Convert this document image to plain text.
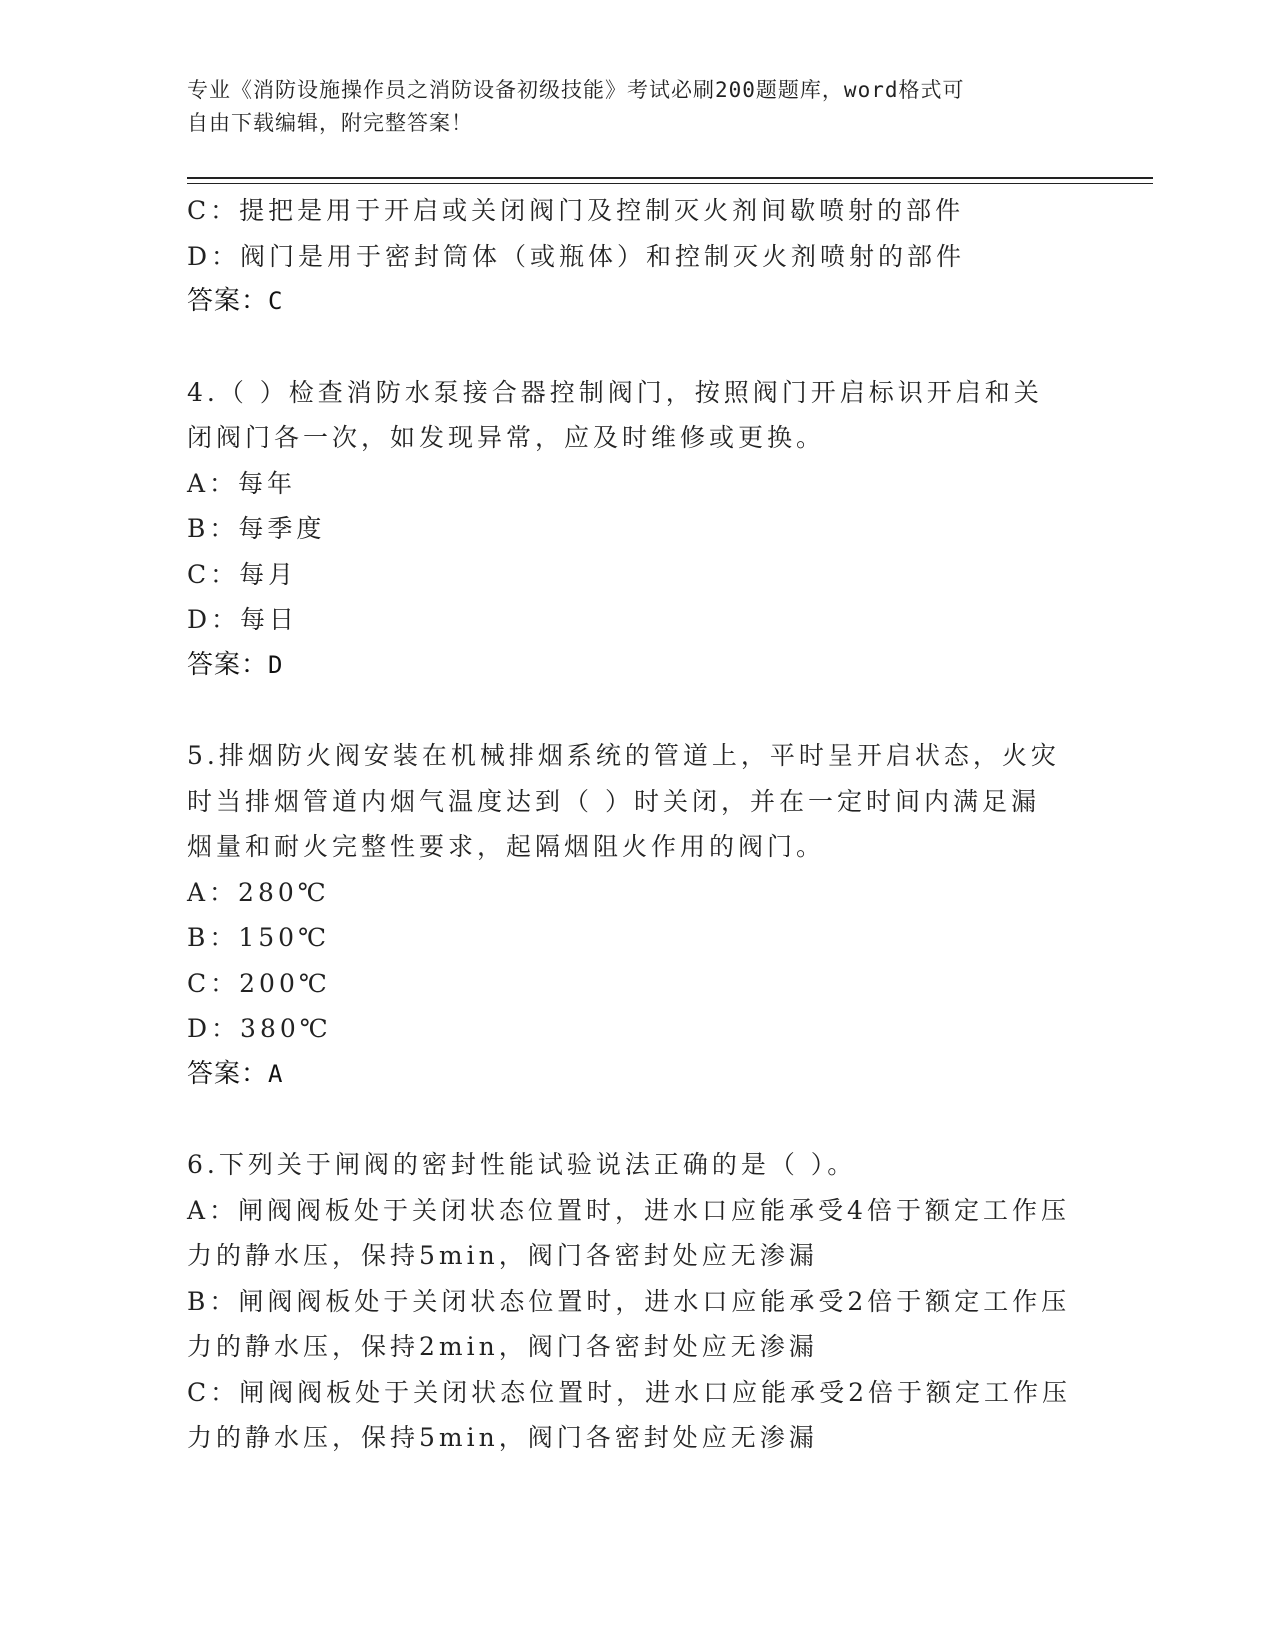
专业《消防设施操作员之消防设备初级技能》考试必刷200题题库，word格式可
自由下载编辑，附完整答案！
C：提把是用于开启或关闭阀门及控制灭火剂间歇喷射的部件
D：阀门是用于密封筒体（或瓶体）和控制灭火剂喷射的部件
答案：C
4.（ ）检查消防水泵接合器控制阀门，按照阀门开启标识开启和关
闭阀门各一次，如发现异常，应及时维修或更换。
A：每年
B：每季度
C：每月
D：每日
答案：D
5.排烟防火阀安装在机械排烟系统的管道上，平时呈开启状态，火灾
时当排烟管道内烟气温度达到（ ）时关闭，并在一定时间内满足漏
烟量和耐火完整性要求，起隔烟阻火作用的阀门。
A：280℃
B：150℃
C：200℃
D：380℃
答案：A
6.下列关于闸阀的密封性能试验说法正确的是（ ）。
A：闸阀阀板处于关闭状态位置时，进水口应能承受4倍于额定工作压
力的静水压，保持5min，阀门各密封处应无渗漏
B：闸阀阀板处于关闭状态位置时，进水口应能承受2倍于额定工作压
力的静水压，保持2min，阀门各密封处应无渗漏
C：闸阀阀板处于关闭状态位置时，进水口应能承受2倍于额定工作压
力的静水压，保持5min，阀门各密封处应无渗漏
